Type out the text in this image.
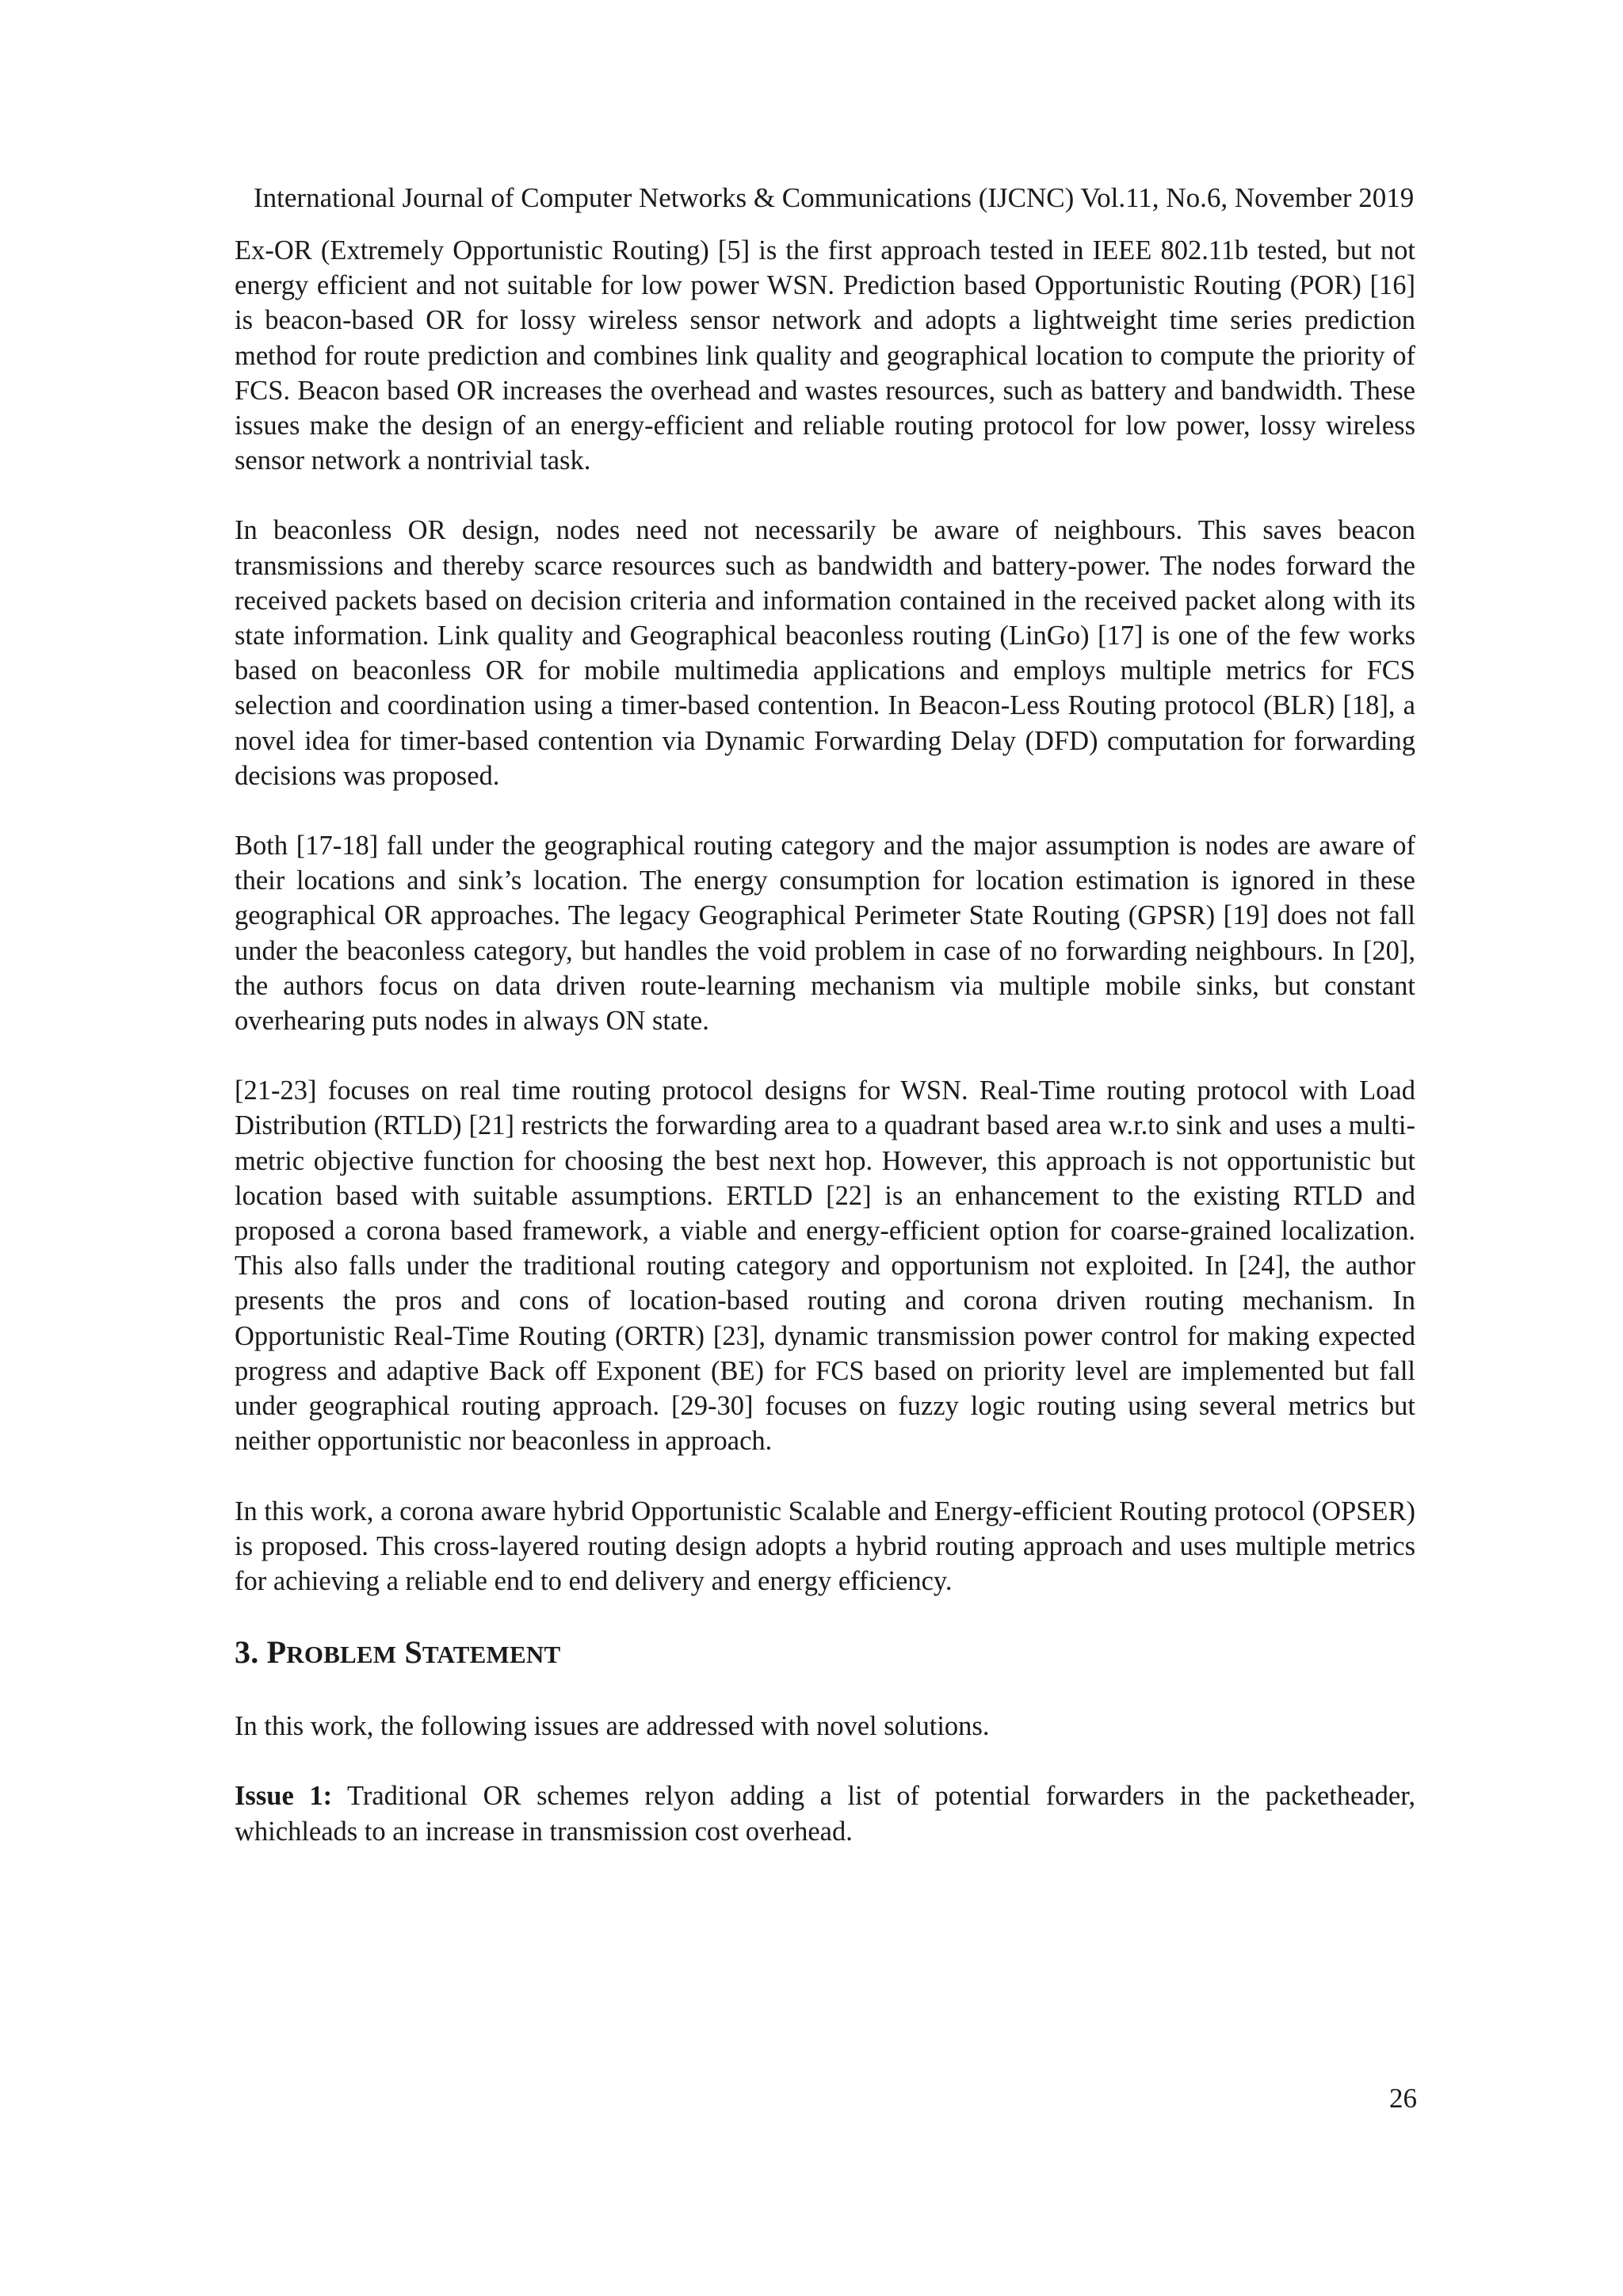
International Journal of Computer Networks & Communications (IJCNC) Vol.11, No.6, November 2019

Ex-OR (Extremely Opportunistic Routing) [5] is the first approach tested in IEEE 802.11b tested, but not energy efficient and not suitable for low power WSN. Prediction based Opportunistic Routing (POR) [16] is beacon-based OR for lossy wireless sensor network and adopts a lightweight time series prediction method for route prediction and combines link quality and geographical location to compute the priority of FCS. Beacon based OR increases the overhead and wastes resources, such as battery and bandwidth. These issues make the design of an energy-efficient and reliable routing protocol for low power, lossy wireless sensor network a nontrivial task.

In beaconless OR design, nodes need not necessarily be aware of neighbours. This saves beacon transmissions and thereby scarce resources such as bandwidth and battery-power. The nodes forward the received packets based on decision criteria and information contained in the received packet along with its state information. Link quality and Geographical beaconless routing (LinGo) [17] is one of the few works based on beaconless OR for mobile multimedia applications and employs multiple metrics for FCS selection and coordination using a timer-based contention. In Beacon-Less Routing protocol (BLR) [18], a novel idea for timer-based contention via Dynamic Forwarding Delay (DFD) computation for forwarding decisions was proposed.

Both [17-18] fall under the geographical routing category and the major assumption is nodes are aware of their locations and sink’s location. The energy consumption for location estimation is ignored in these geographical OR approaches. The legacy Geographical Perimeter State Routing (GPSR) [19] does not fall under the beaconless category, but handles the void problem in case of no forwarding neighbours. In [20], the authors focus on data driven route-learning mechanism via multiple mobile sinks, but constant overhearing puts nodes in always ON state.

[21-23] focuses on real time routing protocol designs for WSN. Real-Time routing protocol with Load Distribution (RTLD) [21] restricts the forwarding area to a quadrant based area w.r.to sink and uses a multi-metric objective function for choosing the best next hop. However, this approach is not opportunistic but location based with suitable assumptions. ERTLD [22] is an enhancement to the existing RTLD and proposed a corona based framework, a viable and energy-efficient option for coarse-grained localization. This also falls under the traditional routing category and opportunism not exploited. In [24], the author presents the pros and cons of location-based routing and corona driven routing mechanism. In Opportunistic Real-Time Routing (ORTR) [23], dynamic transmission power control for making expected progress and adaptive Back off Exponent (BE) for FCS based on priority level are implemented but fall under geographical routing approach. [29-30] focuses on fuzzy logic routing using several metrics but neither opportunistic nor beaconless in approach.

In this work, a corona aware hybrid Opportunistic Scalable and Energy-efficient Routing protocol (OPSER) is proposed. This cross-layered routing design adopts a hybrid routing approach and uses multiple metrics for achieving a reliable end to end delivery and energy efficiency.

3. PROBLEM STATEMENT

In this work, the following issues are addressed with novel solutions.

Issue 1: Traditional OR schemes relyon adding a list of potential forwarders in the packetheader, whichleads to an increase in transmission cost overhead.

26
